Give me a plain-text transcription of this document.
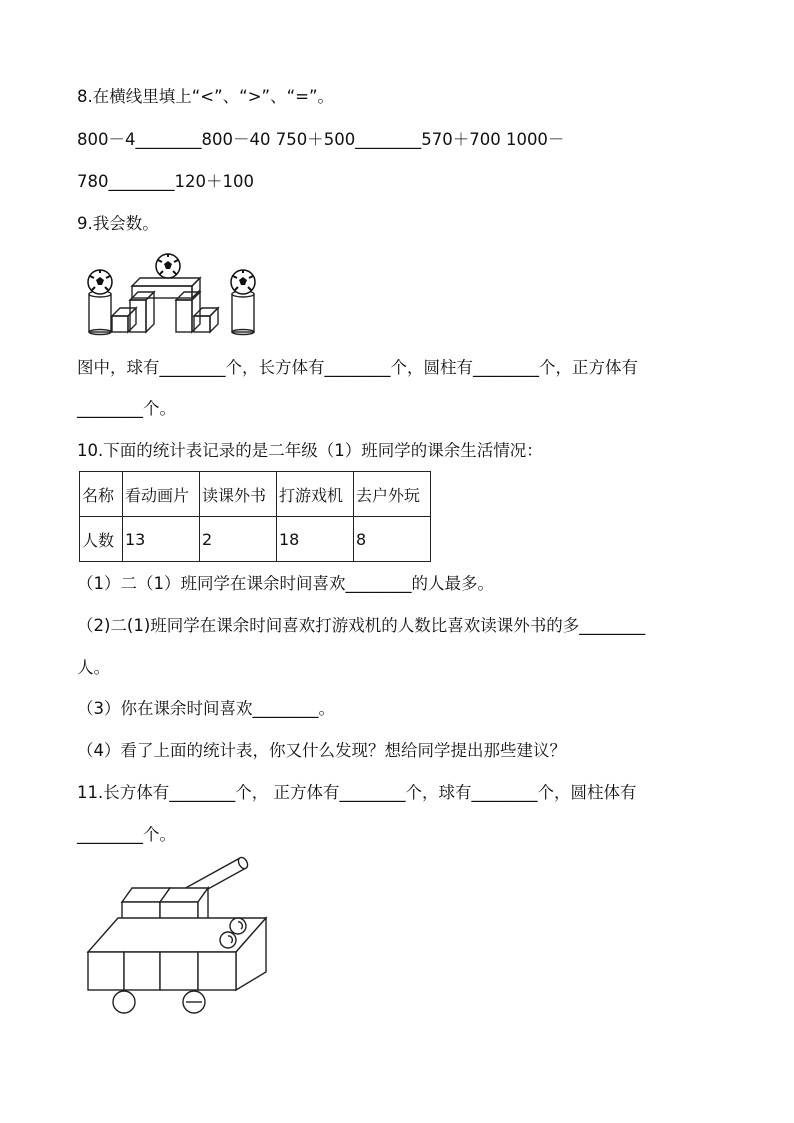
8.在横线里填上“<”、“>”、“=”。
800－4________800－40 750＋500________570＋700 1000－
780________120＋100
9.我会数。
图中，球有________个，长方体有________个，圆柱有________个，正方体有
________个。
10.下面的统计表记录的是二年级（1）班同学的课余生活情况：
名称	看动画片	读课外书	打游戏机	去户外玩
人数	13	2	18	8
（1）二（1）班同学在课余时间喜欢________的人最多。
（2)二(1)班同学在课余时间喜欢打游戏机的人数比喜欢读课外书的多________
人。
（3）你在课余时间喜欢________。
（4）看了上面的统计表，你又什么发现？想给同学提出那些建议？
11.长方体有________个， 正方体有________个，球有________个，圆柱体有
________个。
